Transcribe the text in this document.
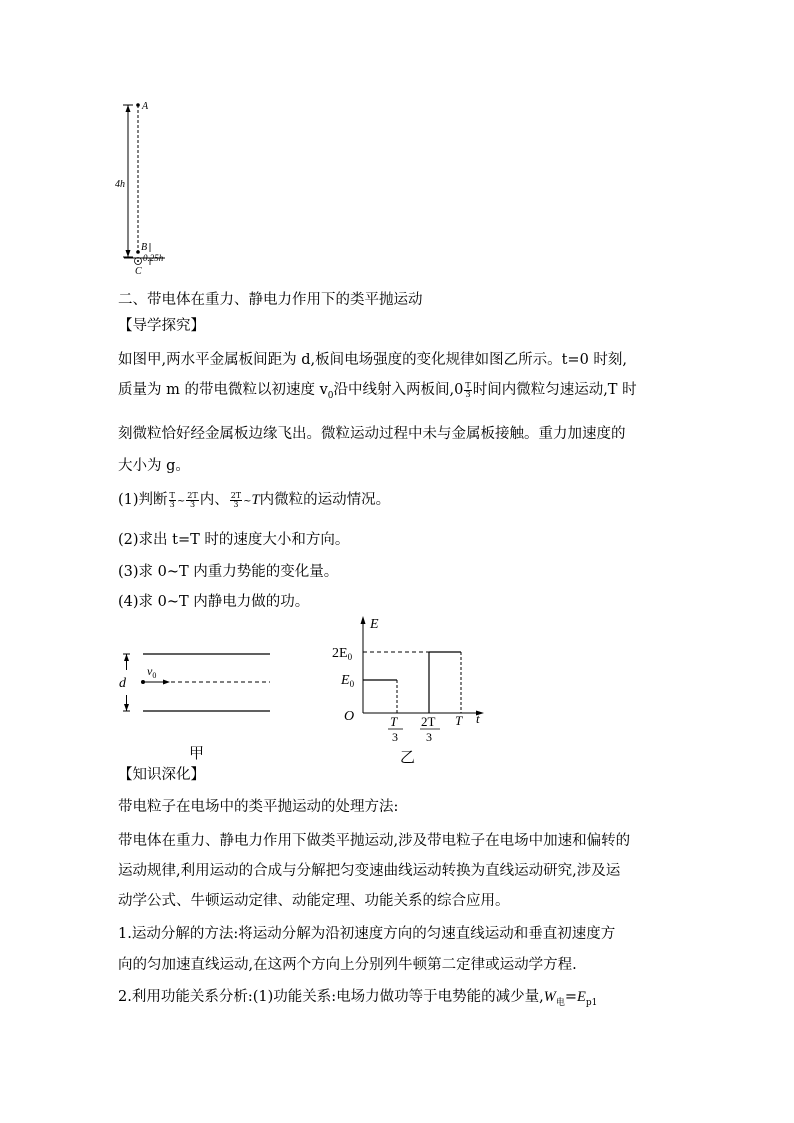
4h
A
B
0.25h
C
二、带电体在重力、静电力作用下的类平抛运动
【导学探究】
如图甲,两水平金属板间距为 d,板间电场强度的变化规律如图乙所示。t=0 时刻,
质量为 m 的带电微粒以初速度 $v_0$沿中线射入两板间$,0 \frac{T}{3}$ 时间内微粒匀速运动,T 时
刻微粒恰好经金属板边缘飞出。微粒运动过程中未与金属板接触。重力加速度的
大小为 g。
(1)判断 $\frac{T}{3}$ ~ $\frac{2T}{3}$ 内、 $\frac{2T}{3}$ ~T内微粒的运动情况。
(2)求出 t=T 时的速度大小和方向。
(3)求 0~T 内重力势能的变化量。
(4)求 0~T 内静电力做的功。
d
$v_0$
甲
E
t
O
$2E_0$
$E_0$
T
3
2T
3
T
乙
【知识深化】
带电粒子在电场中的类平抛运动的处理方法:
带电体在重力、静电力作用下做类平抛运动,涉及带电粒子在电场中加速和偏转的
运动规律,利用运动的合成与分解把匀变速曲线运动转换为直线运动研究,涉及运
动学公式、牛顿运动定律、动能定理、功能关系的综合应用。
1.运动分解的方法:将运动分解为沿初速度方向的匀速直线运动和垂直初速度方
向的匀加速直线运动,在这两个方向上分别列牛顿第二定律或运动学方程.
2.利用功能关系分析:(1)功能关系:电场力做功等于电势能的减少量$,W_电=E_{p1}$
